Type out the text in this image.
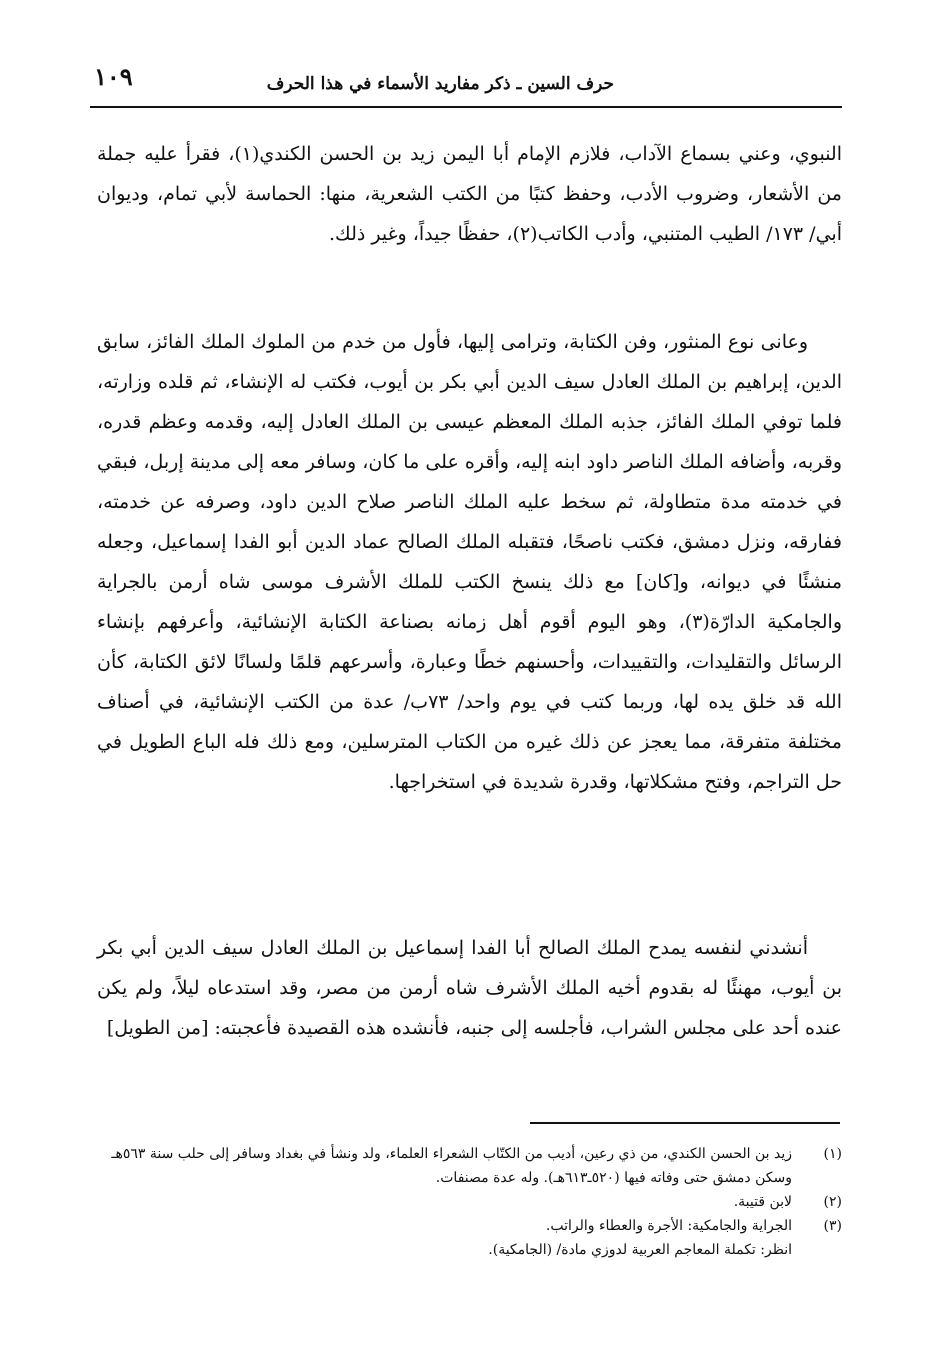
حرف السين ـ ذكر مفاريد الأسماء في هذا الحرف
١٠٩

النبوي، وعني بسماع الآداب، فلازم الإمام أبا اليمن زيد بن الحسن الكندي(١)، فقرأ عليه جملة من الأشعار، وضروب الأدب، وحفظ كتبًا من الكتب الشعرية، منها: الحماسة لأبي تمام، وديوان أبي/ ١٧٣/ الطيب المتنبي، وأدب الكاتب(٢)، حفظًا جيداً، وغير ذلك.

وعانى نوع المنثور، وفن الكتابة، وترامى إليها، فأول من خدم من الملوك الملك الفائز، سابق الدين، إبراهيم بن الملك العادل سيف الدين أبي بكر بن أيوب، فكتب له الإنشاء، ثم قلده وزارته، فلما توفي الملك الفائز، جذبه الملك المعظم عيسى بن الملك العادل إليه، وقدمه وعظم قدره، وقربه، وأضافه الملك الناصر داود ابنه إليه، وأقره على ما كان، وسافر معه إلى مدينة إربل، فبقي في خدمته مدة متطاولة، ثم سخط عليه الملك الناصر صلاح الدين داود، وصرفه عن خدمته، ففارقه، ونزل دمشق، فكتب ناصحًا، فتقبله الملك الصالح عماد الدين أبو الفدا إسماعيل، وجعله منشئًا في ديوانه، و[كان] مع ذلك ينسخ الكتب للملك الأشرف موسى شاه أرمن بالجراية والجامكية الدارّة(٣)، وهو اليوم أقوم أهل زمانه بصناعة الكتابة الإنشائية، وأعرفهم بإنشاء الرسائل والتقليدات، والتقييدات، وأحسنهم خطًا وعبارة، وأسرعهم قلمًا ولسانًا لائق الكتابة، كأن الله قد خلق يده لها، وربما كتب في يوم واحد/ ٧٣ب/ عدة من الكتب الإنشائية، في أصناف مختلفة متفرقة، مما يعجز عن ذلك غيره من الكتاب المترسلين، ومع ذلك فله الباع الطويل في حل التراجم، وفتح مشكلاتها، وقدرة شديدة في استخراجها.

أنشدني لنفسه يمدح الملك الصالح أبا الفدا إسماعيل بن الملك العادل سيف الدين أبي بكر بن أيوب، مهنئًا له بقدوم أخيه الملك الأشرف شاه أرمن من مصر، وقد استدعاه ليلاً، ولم يكن عنده أحد على مجلس الشراب، فأجلسه إلى جنبه، فأنشده هذه القصيدة فأعجبته: [من الطويل]

(١)
زيد بن الحسن الكندي، من ذي رعين، أديب من الكتّاب الشعراء العلماء، ولد ونشأ في بغداد وسافر إلى حلب سنة ٥٦٣هـ وسكن دمشق حتى وفاته فيها (٥٢٠ـ٦١٣هـ). وله عدة مصنفات.
(٢)
لابن قتيبة.
(٣)
الجراية والجامكية: الأجرة والعطاء والراتب.
انظر: تكملة المعاجم العربية لدوزي مادة/ (الجامكية).
